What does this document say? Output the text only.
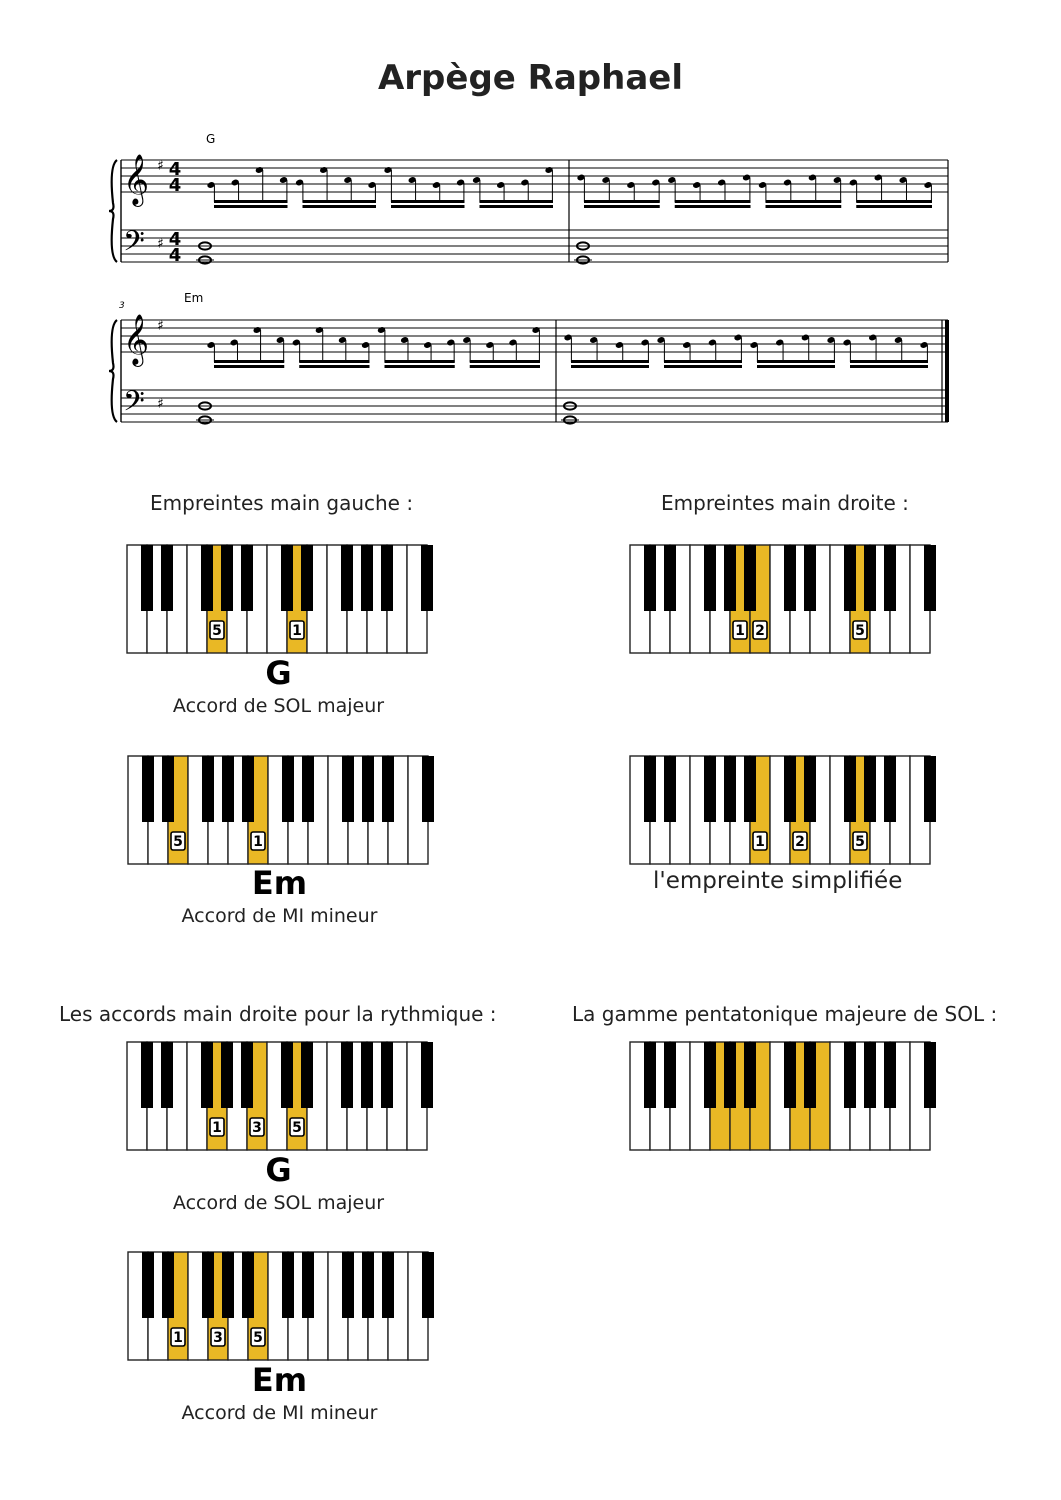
Arpège Raphael
𝄞
𝄢
♯
♯
4
4
4
4
G
𝄞
𝄢
♯
♯
Em
3
Empreintes main gauche :	Empreintes main droite :
Les accords main droite pour la rythmique :	La gamme pentatonique majeure de SOL :
5	1
G
Accord de SOL majeur
5	1
Em
Accord de MI mineur
1 2	5
1 2	5
l'empreinte simplifiée
1 3 5
G
Accord de SOL majeur
1 3 5
Em
Accord de MI mineur
